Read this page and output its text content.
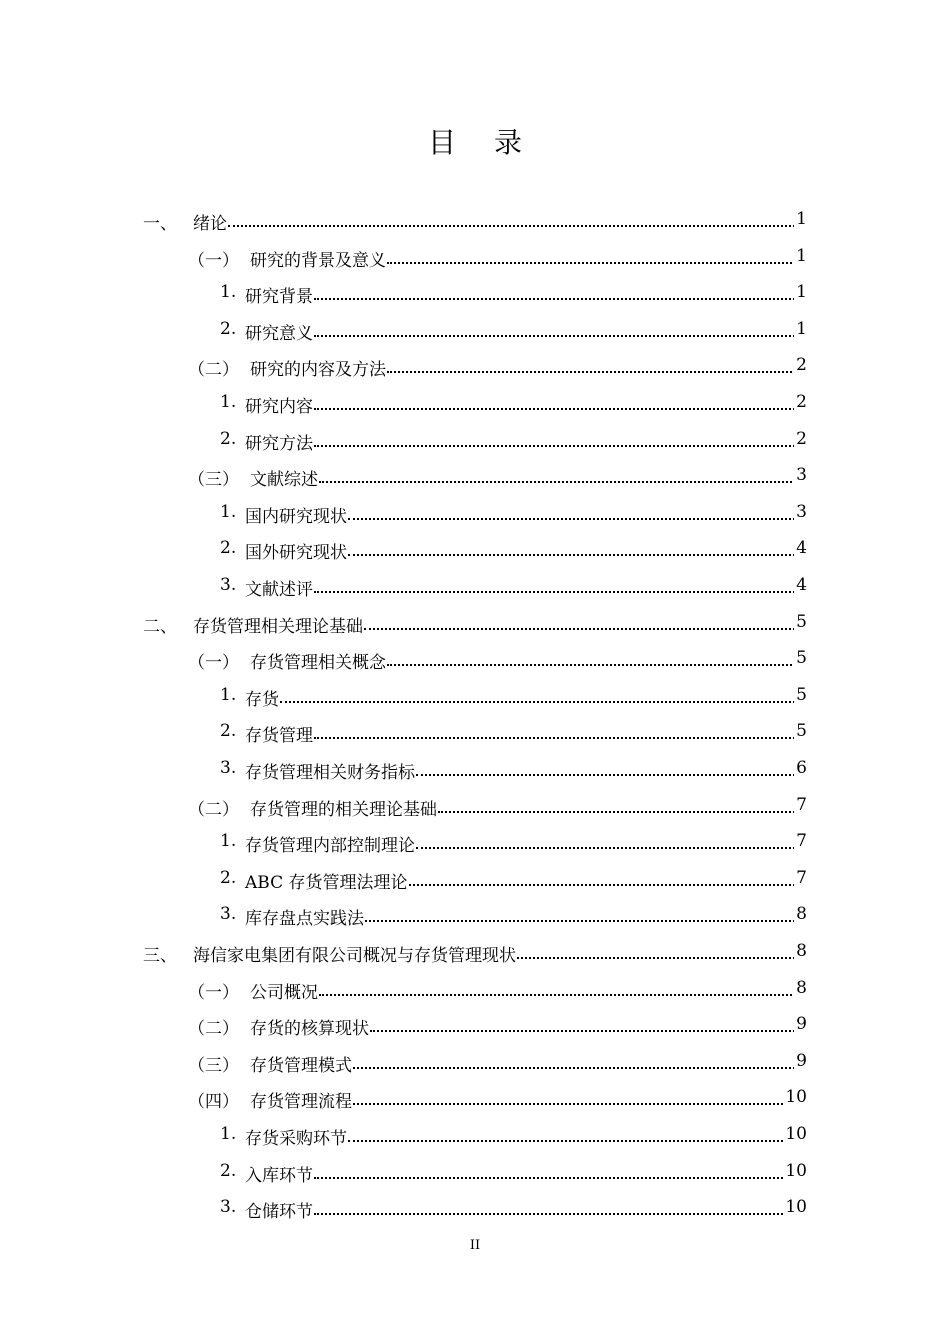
目录
一、 绪论	1
（一） 研究的背景及意义	1
1. 研究背景	1
2. 研究意义	1
（二） 研究的内容及方法	2
1. 研究内容	2
2. 研究方法	2
（三） 文献综述	3
1. 国内研究现状	3
2. 国外研究现状	4
3. 文献述评	4
二、 存货管理相关理论基础	5
（一） 存货管理相关概念	5
1. 存货	5
2. 存货管理	5
3. 存货管理相关财务指标	6
（二） 存货管理的相关理论基础	7
1. 存货管理内部控制理论	7
2. ABC 存货管理法理论	7
3. 库存盘点实践法	8
三、 海信家电集团有限公司概况与存货管理现状	8
（一） 公司概况	8
（二） 存货的核算现状	9
（三） 存货管理模式	9
（四） 存货管理流程	10
1. 存货采购环节	10
2. 入库环节	10
3. 仓储环节	10
II
